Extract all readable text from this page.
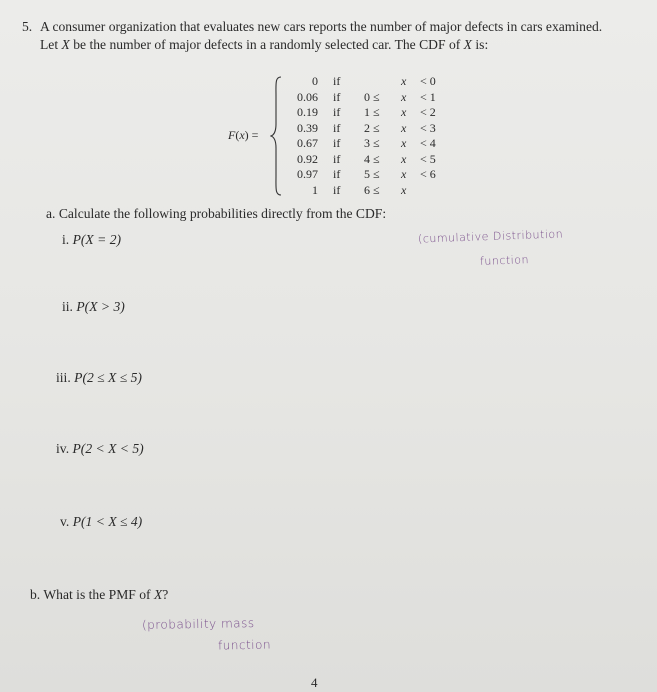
5. A consumer organization that evaluates new cars reports the number of major defects in cars examined.
Let X be the number of major defects in a randomly selected car. The CDF of X is:
F(x) =
0 if	x < 0
0.06 if 0 ≤ x < 1
0.19 if 1 ≤ x < 2
0.39 if 2 ≤ x < 3
0.67 if 3 ≤ x < 4
0.92 if 4 ≤ x < 5
0.97 if 5 ≤ x < 6
1 if 6 ≤ x
a. Calculate the following probabilities directly from the CDF:
i. P(X = 2)
ii. P(X > 3)
iii. P(2 ≤ X ≤ 5)
iv. P(2 < X < 5)
v. P(1 < X ≤ 4)
b. What is the PMF of X?
(cumulative Distribution
function
(probability mass
function
4
